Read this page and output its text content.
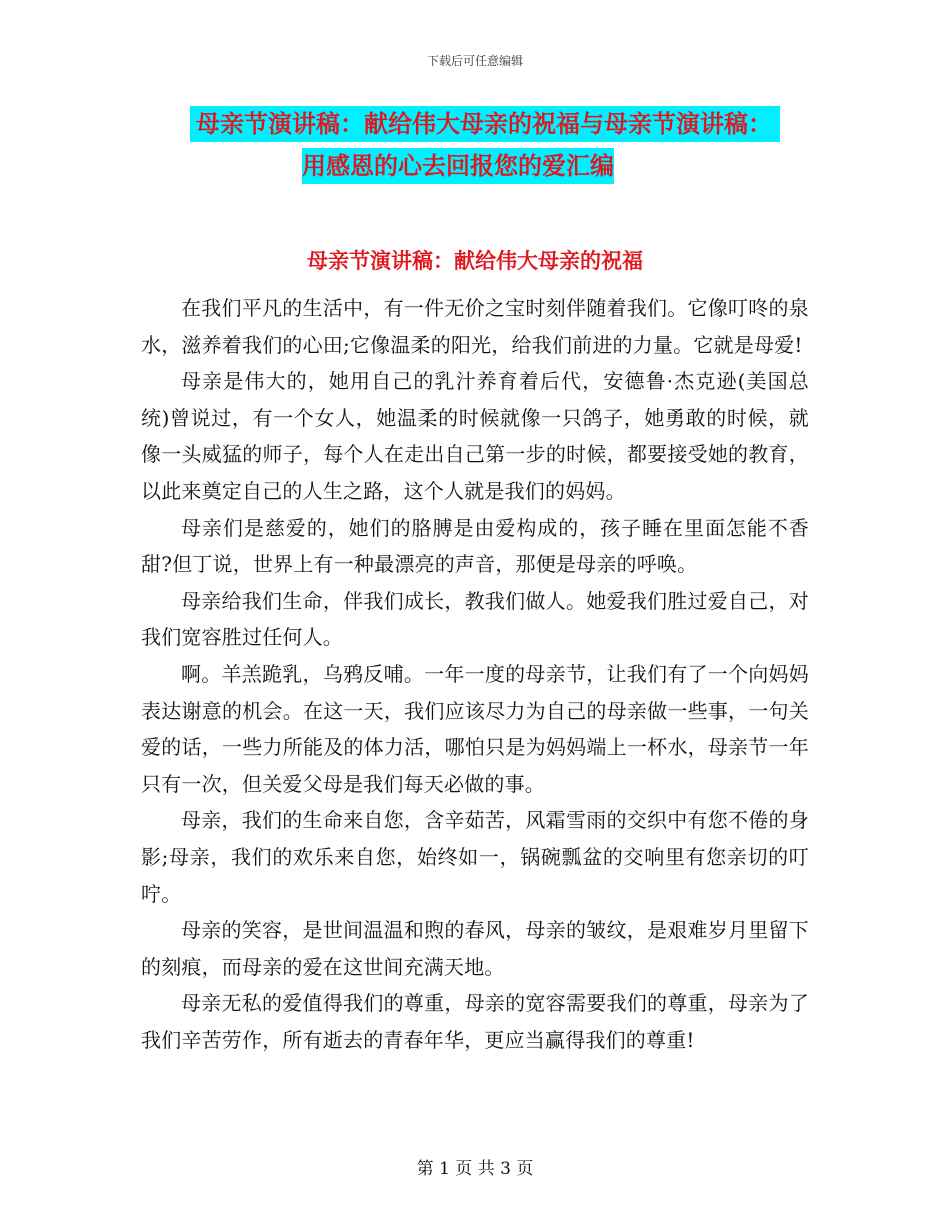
下载后可任意编辑
母亲节演讲稿：献给伟大母亲的祝福与母亲节演讲稿：
用感恩的心去回报您的爱汇编
母亲节演讲稿：献给伟大母亲的祝福

在我们平凡的生活中，有一件无价之宝时刻伴随着我们。它像叮咚的泉水，滋养着我们的心田;它像温柔的阳光，给我们前进的力量。它就是母爱!

母亲是伟大的，她用自己的乳汁养育着后代，安德鲁·杰克逊(美国总统)曾说过，有一个女人，她温柔的时候就像一只鸽子，她勇敢的时候，就像一头威猛的师子，每个人在走出自己第一步的时候，都要接受她的教育，以此来奠定自己的人生之路，这个人就是我们的妈妈。

母亲们是慈爱的，她们的胳膊是由爱构成的，孩子睡在里面怎能不香甜?但丁说，世界上有一种最漂亮的声音，那便是母亲的呼唤。

母亲给我们生命，伴我们成长，教我们做人。她爱我们胜过爱自己，对我们宽容胜过任何人。

啊。羊羔跪乳，乌鸦反哺。一年一度的母亲节，让我们有了一个向妈妈表达谢意的机会。在这一天，我们应该尽力为自己的母亲做一些事，一句关爱的话，一些力所能及的体力活，哪怕只是为妈妈端上一杯水，母亲节一年只有一次，但关爱父母是我们每天必做的事。

母亲，我们的生命来自您，含辛茹苦，风霜雪雨的交织中有您不倦的身影;母亲，我们的欢乐来自您，始终如一，锅碗瓢盆的交响里有您亲切的叮咛。

母亲的笑容，是世间温温和煦的春风，母亲的皱纹，是艰难岁月里留下的刻痕，而母亲的爱在这世间充满天地。

母亲无私的爱值得我们的尊重，母亲的宽容需要我们的尊重，母亲为了我们辛苦劳作，所有逝去的青春年华，更应当赢得我们的尊重!

第 1 页 共 3 页
